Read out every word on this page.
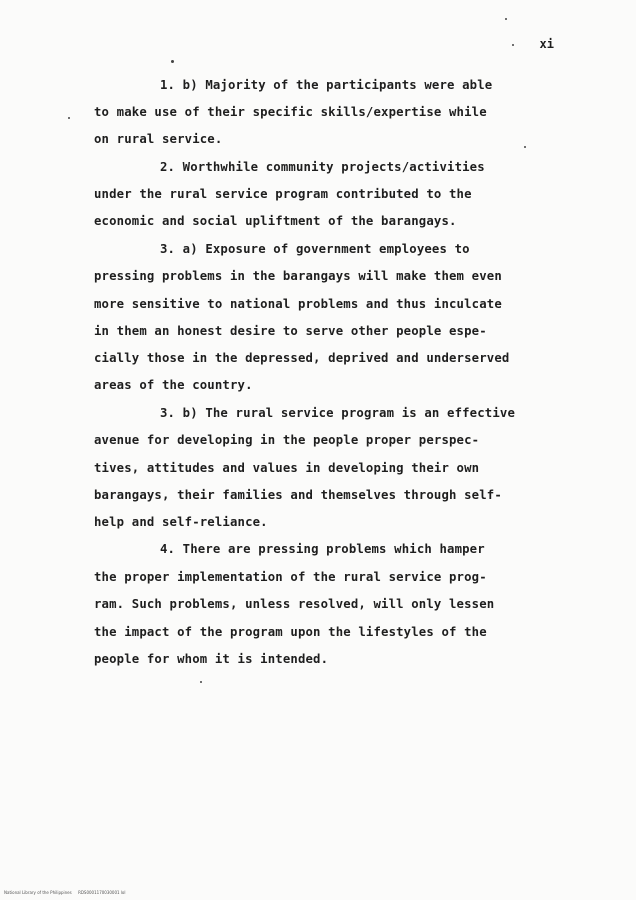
xi
1. b) Majority of the participants were able
to make use of their specific skills/expertise while
on rural service.
2. Worthwhile community projects/activities
under the rural service program contributed to the
economic and social upliftment of the barangays.
3. a) Exposure of government employees to
pressing problems in the barangays will make them even
more sensitive to national problems and thus inculcate
in them an honest desire to serve other people espe-
cially those in the depressed, deprived and underserved
areas of the country.
3. b) The rural service program is an effective
avenue for developing in the people proper perspec-
tives, attitudes and values in developing their own
barangays, their families and themselves through self-
help and self-reliance.
4. There are pressing problems which hamper
the proper implementation of the rural service prog-
ram. Such problems, unless resolved, will only lessen
the impact of the program upon the lifestyles of the
people for whom it is intended.
National Library of the Philippines     RDS0001170030001 lol
